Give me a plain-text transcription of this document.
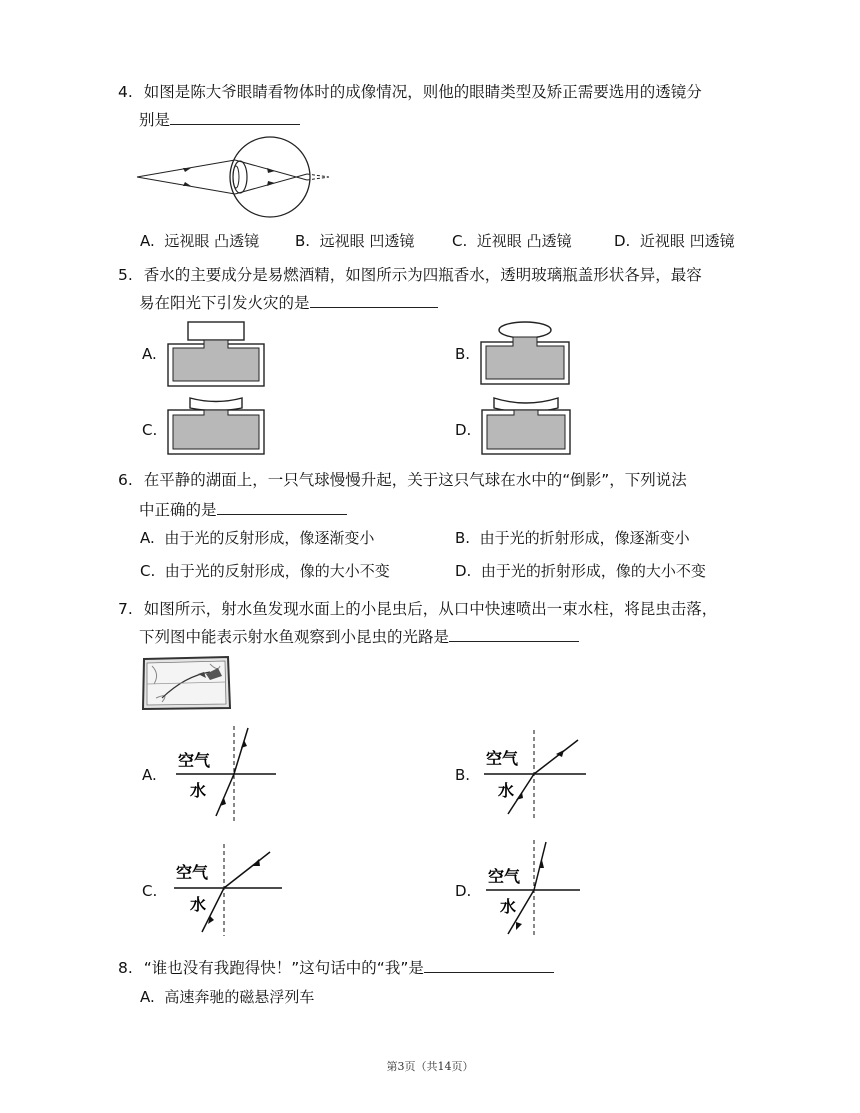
4. 如图是陈大爷眼睛看物体时的成像情况，则他的眼睛类型及矫正需要选用的透镜分
别是
A. 远视眼 凸透镜 B. 远视眼 凹透镜	C. 近视眼 凸透镜	D. 近视眼 凹透镜
5. 香水的主要成分是易燃酒精，如图所示为四瓶香水，透明玻璃瓶盖形状各异，最容
易在阳光下引发火灾的是
A.	B.
C.	D.
6. 在平静的湖面上，一只气球慢慢升起，关于这只气球在水中的“倒影”，下列说法
中正确的是
A. 由于光的反射形成，像逐渐变小	B. 由于光的折射形成，像逐渐变小
C. 由于光的反射形成，像的大小不变	D. 由于光的折射形成，像的大小不变
7. 如图所示，射水鱼发现水面上的小昆虫后，从口中快速喷出一束水柱，将昆虫击落，
下列图中能表示射水鱼观察到小昆虫的光路是
A.
空气
水
B.
空气
水
C.
空气
水
D.
空气
水
8. “谁也没有我跑得快！”这句话中的“我”是
A. 高速奔驰的磁悬浮列车
第3页（共14页）
